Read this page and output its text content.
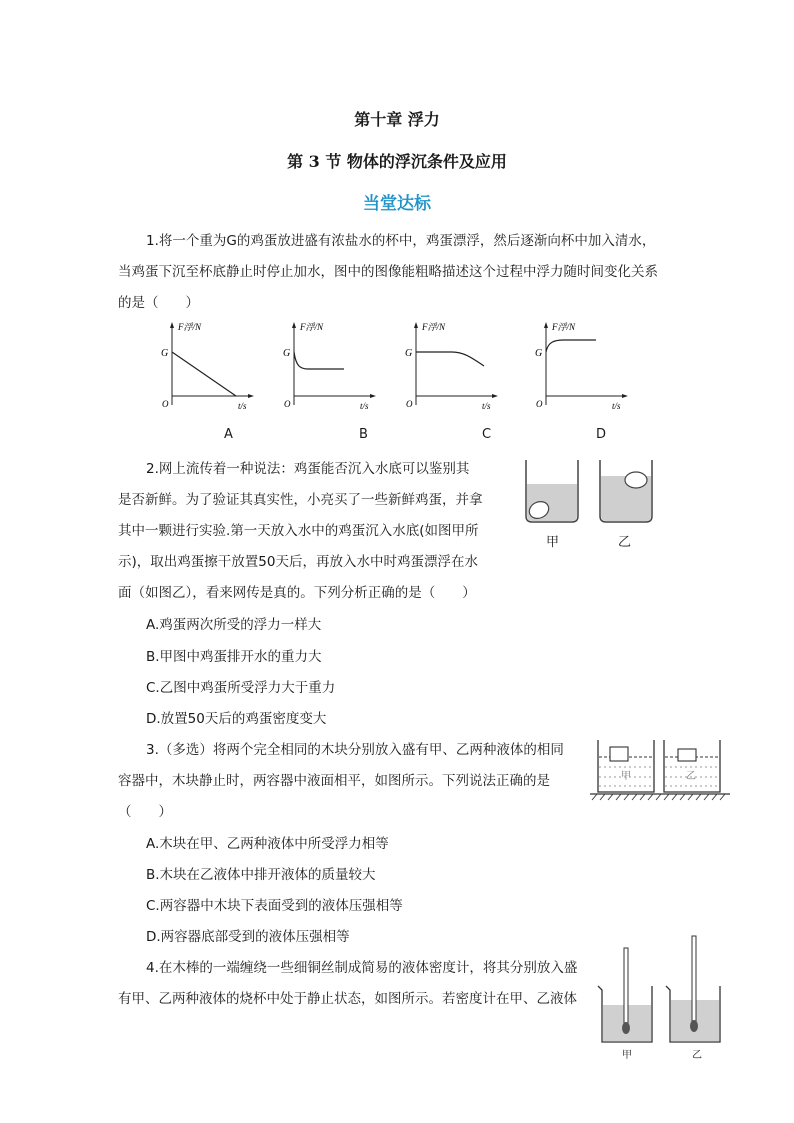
第十章 浮力
第 3 节 物体的浮沉条件及应用
当堂达标
1.将一个重为G的鸡蛋放进盛有浓盐水的杯中，鸡蛋漂浮，然后逐渐向杯中加入清水，
当鸡蛋下沉至杯底静止时停止加水，图中的图像能粗略描述这个过程中浮力随时间变化关系
的是（　　）
F浮/N
G
O	t/s
F浮/N
G
O	t/s
F浮/N
G
O	t/s
F浮/N
G
O	t/s
A	B	C	D
2.网上流传着一种说法：鸡蛋能否沉入水底可以鉴别其
是否新鲜。为了验证其真实性，小亮买了一些新鲜鸡蛋，并拿
其中一颗进行实验.第一天放入水中的鸡蛋沉入水底(如图甲所
示)，取出鸡蛋擦干放置50天后，再放入水中时鸡蛋漂浮在水
面（如图乙），看来网传是真的。下列分析正确的是（　　）
甲	乙
A.鸡蛋两次所受的浮力一样大
B.甲图中鸡蛋排开水的重力大
C.乙图中鸡蛋所受浮力大于重力
D.放置50天后的鸡蛋密度变大
3.（多选）将两个完全相同的木块分别放入盛有甲、乙两种液体的相同
容器中，木块静止时，两容器中液面相平，如图所示。下列说法正确的是
（　　）
甲	乙
A.木块在甲、乙两种液体中所受浮力相等
B.木块在乙液体中排开液体的质量较大
C.两容器中木块下表面受到的液体压强相等
D.两容器底部受到的液体压强相等
4.在木棒的一端缠绕一些细铜丝制成简易的液体密度计，将其分别放入盛
有甲、乙两种液体的烧杯中处于静止状态，如图所示。若密度计在甲、乙液体
甲	乙
